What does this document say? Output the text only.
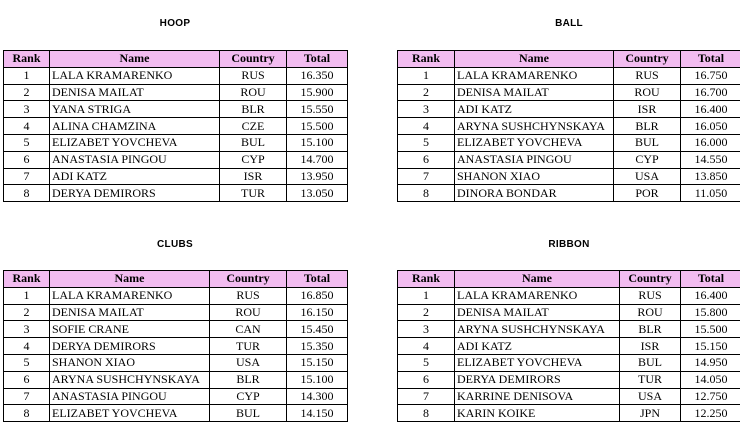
HOOP
Rank	Name	Country	Total
1	LALA KRAMARENKO	RUS	16.350
2	DENISA MAILAT	ROU	15.900
3	YANA STRIGA	BLR	15.550
4	ALINA CHAMZINA	CZE	15.500
5	ELIZABET YOVCHEVA	BUL	15.100
6	ANASTASIA PINGOU	CYP	14.700
7	ADI KATZ	ISR	13.950
8	DERYA DEMIRORS	TUR	13.050
BALL
Rank	Name	Country	Total
1	LALA KRAMARENKO	RUS	16.750
2	DENISA MAILAT	ROU	16.700
3	ADI KATZ	ISR	16.400
4	ARYNA SUSHCHYNSKAYA	BLR	16.050
5	ELIZABET YOVCHEVA	BUL	16.000
6	ANASTASIA PINGOU	CYP	14.550
7	SHANON XIAO	USA	13.850
8	DINORA BONDAR	POR	11.050
CLUBS
Rank	Name	Country	Total
1	LALA KRAMARENKO	RUS	16.850
2	DENISA MAILAT	ROU	16.150
3	SOFIE CRANE	CAN	15.450
4	DERYA DEMIRORS	TUR	15.350
5	SHANON XIAO	USA	15.150
6	ARYNA SUSHCHYNSKAYA	BLR	15.100
7	ANASTASIA PINGOU	CYP	14.300
8	ELIZABET YOVCHEVA	BUL	14.150
RIBBON
Rank	Name	Country	Total
1	LALA KRAMARENKO	RUS	16.400
2	DENISA MAILAT	ROU	15.800
3	ARYNA SUSHCHYNSKAYA	BLR	15.500
4	ADI KATZ	ISR	15.150
5	ELIZABET YOVCHEVA	BUL	14.950
6	DERYA DEMIRORS	TUR	14.050
7	KARRINE DENISOVA	USA	12.750
8	KARIN KOIKE	JPN	12.250
